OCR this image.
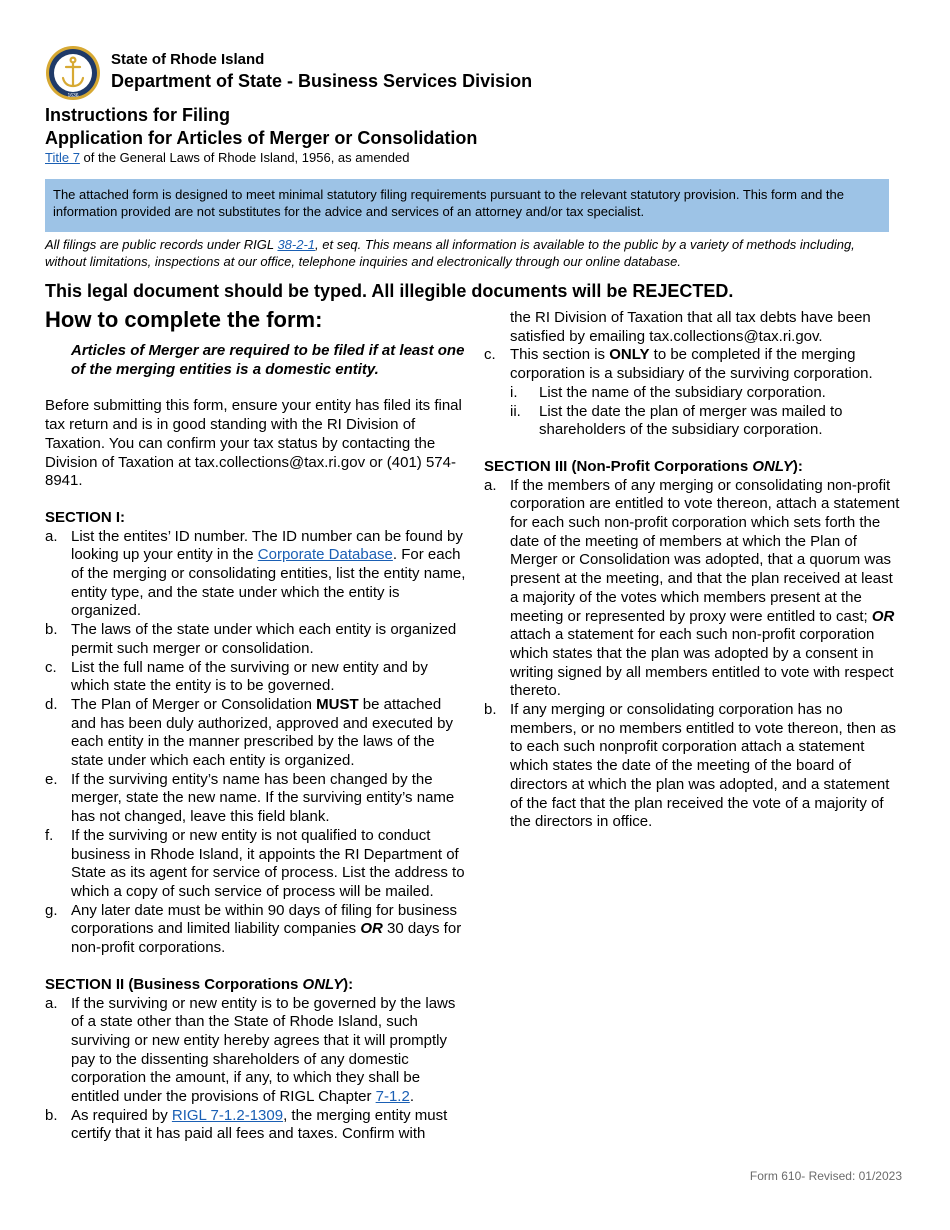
1636
State of Rhode Island
Department of State - Business Services Division
Instructions for Filing
Application for Articles of Merger or Consolidation
Title 7 of the General Laws of Rhode Island, 1956, as amended
The attached form is designed to meet minimal statutory filing requirements pursuant to the relevant statutory provision. This form and the information provided are not substitutes for the advice and services of an attorney and/or tax specialist.
All filings are public records under RIGL 38-2-1, et seq. This means all information is available to the public by a variety of methods including, without limitations, inspections at our office, telephone inquiries and electronically through our online database.
This legal document should be typed. All illegible documents will be REJECTED.
How to complete the form:

Articles of Merger are required to be filed if at least one of the merging entities is a domestic entity.

Before submitting this form, ensure your entity has filed its final tax return and is in good standing with the RI Division of Taxation. You can confirm your tax status by contacting the Division of Taxation at tax.collections@tax.ri.gov or (401) 574-8941.

SECTION I:

a. List the entites’ ID number. The ID number can be found by looking up your entity in the Corporate Database. For each of the merging or consolidating entities, list the entity name, entity type, and the state under which the entity is organized.
b. The laws of the state under which each entity is organized permit such merger or consolidation.
c. List the full name of the surviving or new entity and by which state the entity is to be governed.
d. The Plan of Merger or Consolidation MUST be attached and has been duly authorized, approved and executed by each entity in the manner prescribed by the laws of the state under which each entity is organized.
e. If the surviving entity’s name has been changed by the merger, state the new name. If the surviving entity’s name has not changed, leave this field blank.
f. If the surviving or new entity is not qualified to conduct business in Rhode Island, it appoints the RI Department of State as its agent for service of process. List the address to which a copy of such service of process will be mailed.
g. Any later date must be within 90 days of filing for business corporations and limited liability companies OR 30 days for non-profit corporations.

SECTION II (Business Corporations ONLY):

a. If the surviving or new entity is to be governed by the laws of a state other than the State of Rhode Island, such surviving or new entity hereby agrees that it will promptly pay to the dissenting shareholders of any domestic corporation the amount, if any, to which they shall be entitled under the provisions of RIGL Chapter 7-1.2.
b. As required by RIGL 7-1.2-1309, the merging entity must certify that it has paid all fees and taxes. Confirm with

the RI Division of Taxation that all tax debts have been satisfied by emailing tax.collections@tax.ri.gov.

c. This section is ONLY to be completed if the merging corporation is a subsidiary of the surviving corporation.
i. List the name of the subsidiary corporation.
ii. List the date the plan of merger was mailed to shareholders of the subsidiary corporation.

SECTION III (Non-Profit Corporations ONLY):

a. If the members of any merging or consolidating non-profit corporation are entitled to vote thereon, attach a statement for each such non-profit corporation which sets forth the date of the meeting of members at which the Plan of Merger or Consolidation was adopted, that a quorum was present at the meeting, and that the plan received at least a majority of the votes which members present at the meeting or represented by proxy were entitled to cast; OR attach a statement for each such non-profit corporation which states that the plan was adopted by a consent in writing signed by all members entitled to vote with respect thereto.
b. If any merging or consolidating corporation has no members, or no members entitled to vote thereon, then as to each such nonprofit corporation attach a statement which states the date of the meeting of the board of directors at which the plan was adopted, and a statement of the fact that the plan received the vote of a majority of the directors in office.
Form 610- Revised: 01/2023
